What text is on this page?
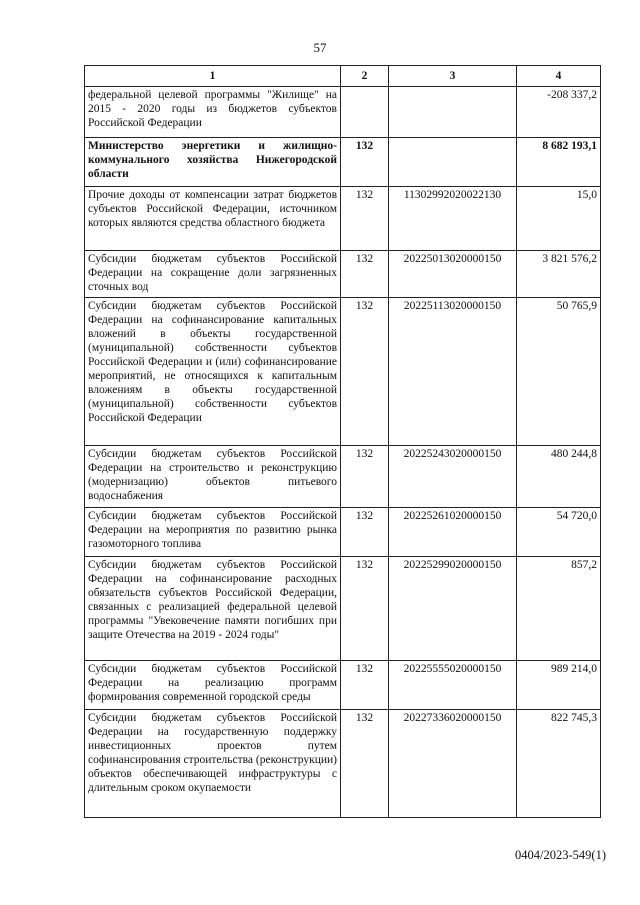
57
1	2	3	4
федеральной целевой программы "Жилище" на 2015 - 2020 годы из бюджетов субъектов Российской Федерации			-208 337,2
Министерство энергетики и жилищно-коммунального хозяйства Нижегородской области	132		8 682 193,1
Прочие доходы от компенсации затрат бюджетов субъектов Российской Федерации, источником которых являются средства областного бюджета	132	11302992020022130	15,0
Субсидии бюджетам субъектов Российской Федерации на сокращение доли загрязненных сточных вод	132	20225013020000150	3 821 576,2
Субсидии бюджетам субъектов Российской Федерации на софинансирование капитальных вложений в объекты государственной (муниципальной) собственности субъектов Российской Федерации и (или) софинансирование мероприятий, не относящихся к капитальным вложениям в объекты государственной (муниципальной) собственности субъектов Российской Федерации	132	20225113020000150	50 765,9
Субсидии бюджетам субъектов Российской Федерации на строительство и реконструкцию (модернизацию) объектов питьевого водоснабжения	132	20225243020000150	480 244,8
Субсидии бюджетам субъектов Российской Федерации на мероприятия по развитию рынка газомоторного топлива	132	20225261020000150	54 720,0
Субсидии бюджетам субъектов Российской Федерации на софинансирование расходных обязательств субъектов Российской Федерации, связанных с реализацией федеральной целевой программы "Увековечение памяти погибших при защите Отечества на 2019 - 2024 годы"	132	20225299020000150	857,2
Субсидии бюджетам субъектов Российской Федерации на реализацию программ формирования современной городской среды	132	20225555020000150	989 214,0
Субсидии бюджетам субъектов Российской Федерации на государственную поддержку инвестиционных проектов путем софинансирования строительства (реконструкции) объектов обеспечивающей инфраструктуры с длительным сроком окупаемости	132	20227336020000150	822 745,3
0404/2023-549(1)
